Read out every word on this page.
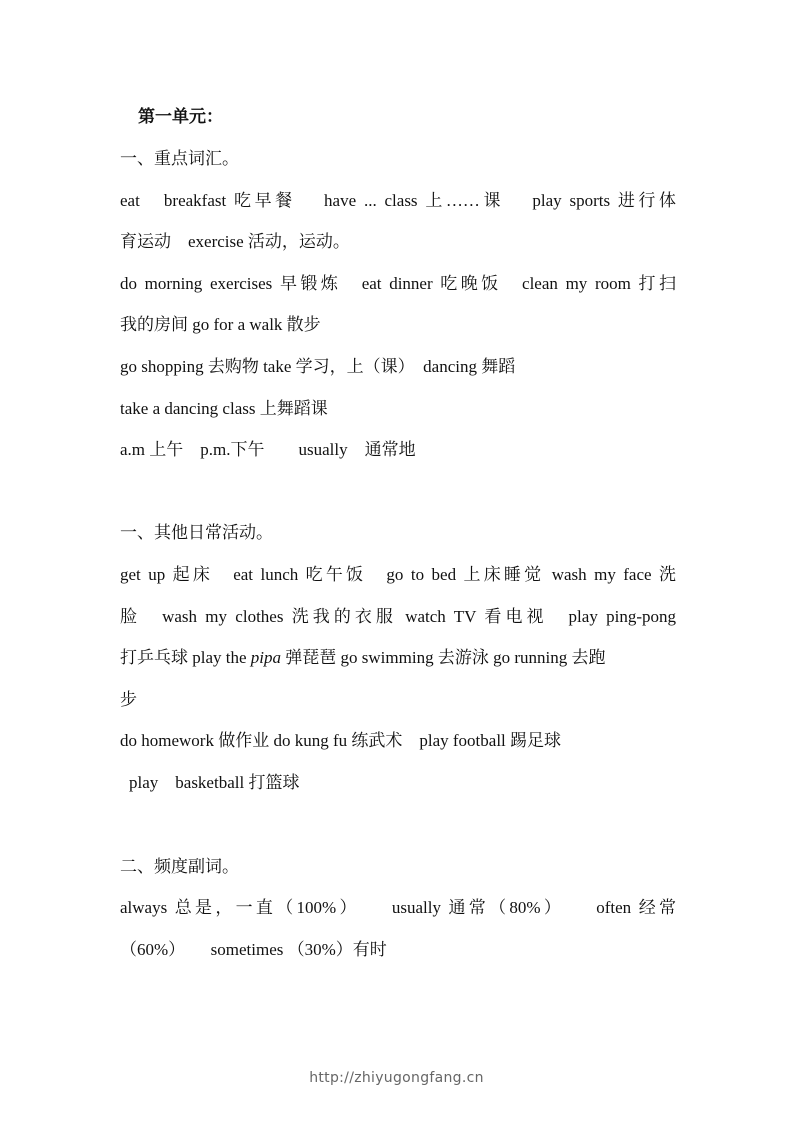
第一单元：
一、重点词汇。
eat　breakfast 吃早餐　 have ... class 上……课　 play sports 进行体
育运动　exercise 活动，运动。
do morning exercises 早锻炼　eat dinner 吃晚饭　clean my room 打扫
我的房间 go for a walk 散步
go shopping 去购物 take 学习，上（课）　dancing 舞蹈
take a dancing class 上舞蹈课
a.m 上午　p.m.下午　　usually　通常地
一、其他日常活动。
get up 起床　eat lunch 吃午饭　go to bed 上床睡觉 wash my face 洗
脸　wash my clothes 洗我的衣服 watch TV 看电视　play ping-pong
打乒乓球 play the pipa 弹琵琶 go swimming 去游泳 go running 去跑
步
do homework 做作业 do kung fu 练武术　play football 踢足球
play　basketball 打篮球
二、频度副词。
always 总是，一直（100%）　　usually 通常（80%）　　often 经常
（60%）　　sometimes （30%）有时
http://zhiyugongfang.cn
